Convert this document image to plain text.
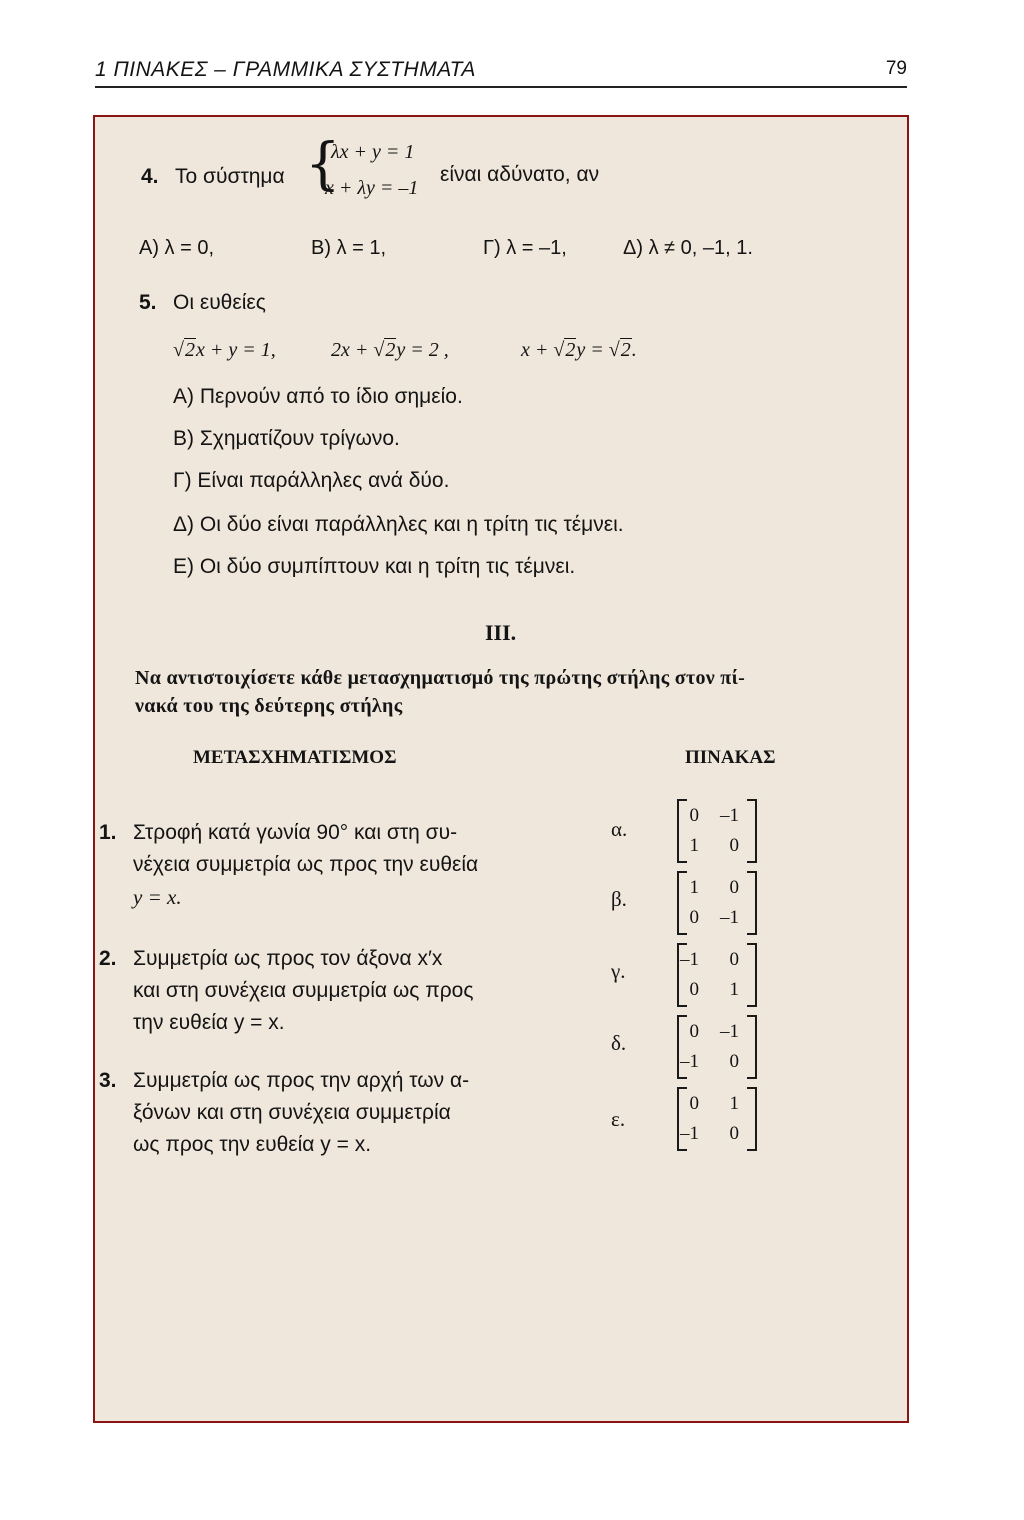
1 ΠΙΝΑΚΕΣ – ΓΡΑΜΜΙΚΑ ΣΥΣΤΗΜΑΤΑ	79
4. Το σύστημα {
λx + y = 1
x + λy = –1
είναι αδύνατο, αν
Α) λ = 0,	Β) λ = 1,	Γ) λ = –1,	Δ) λ ≠ 0, –1, 1.
5. Οι ευθείες
√2x + y = 1,	2x + √2y = 2 ,	x + √2y = √2.
Α) Περνούν από το ίδιο σημείο.
Β) Σχηματίζουν τρίγωνο.
Γ) Είναι παράλληλες ανά δύο.
Δ) Οι δύο είναι παράλληλες και η τρίτη τις τέμνει.
Ε) Οι δύο συμπίπτουν και η τρίτη τις τέμνει.
ΙΙΙ.
Να αντιστοιχίσετε κάθε μετασχηματισμό της πρώτης στήλης στον πί-
νακά του της δεύτερης στήλης
ΜΕΤΑΣΧΗΜΑΤΙΣΜΟΣ	ΠΙΝΑΚΑΣ
1. Στροφή κατά γωνία 90° και στη συ-
νέχεια συμμετρία ως προς την ευθεία
y = x.
2. Συμμετρία ως προς τον άξονα x′x
και στη συνέχεια συμμετρία ως προς
την ευθεία y = x.
3. Συμμετρία ως προς την αρχή των α-
ξόνων και στη συνέχεια συμμετρία
ως προς την ευθεία y = x.
α.
0	–1
1	0
β.	1	0
0	–1
γ.	–1	0
0	1
δ.	0	–1
–1	0
ε.
0	1
–1	0
